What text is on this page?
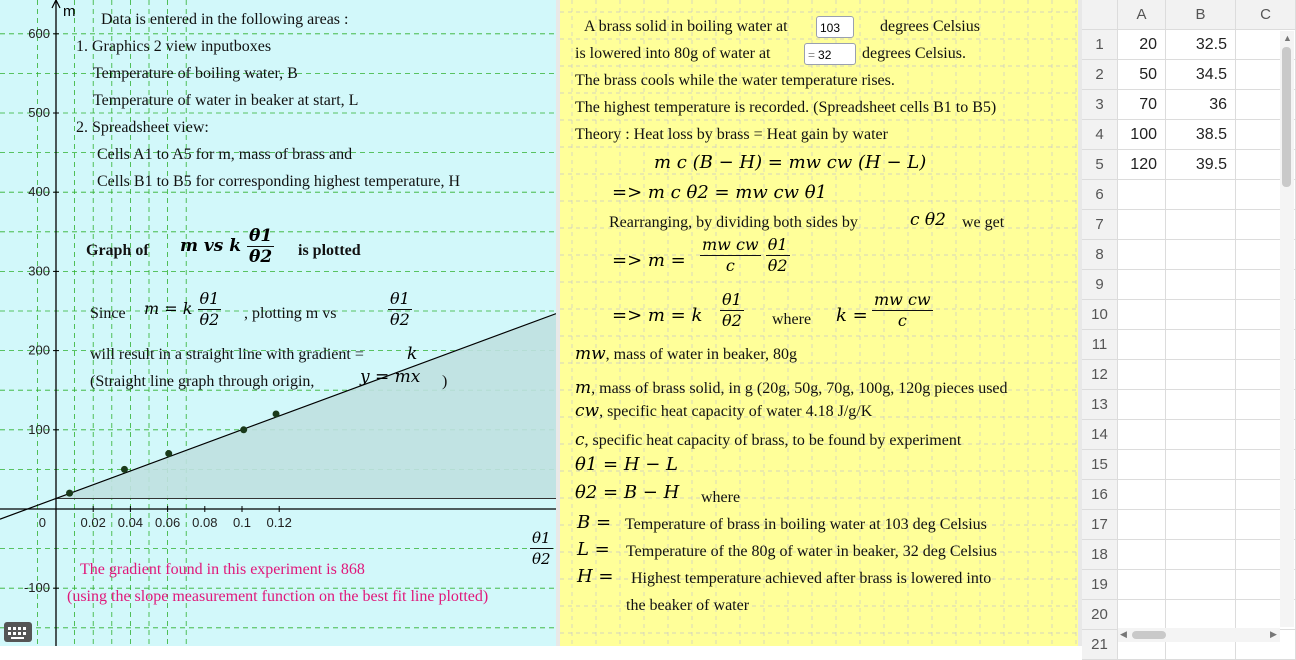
0.02 0.04 0.06 0.08 0.1 0.12
600
500
400
300
200
100
-100
0
m Data is entered in the following areas :
1. Graphics 2 view inputboxes
Temperature of boiling water, B
Temperature of water in beaker at start, L
2. Spreadsheet view:
Cells A1 to A5 for m, mass of brass and
Cells B1 to B5 for corresponding highest temperature, H
Graph of m vs k $\frac{\theta 1}{\theta 2}$ is plotted
Since m = k $\frac{\theta 1}{\theta 2}$ , plotting m vs	$\frac{\theta 1}{\theta 2}$
will result in a straight line with gradient =	k
(Straight line graph through origin,	y = mx )
$\frac{\theta 1}{\theta 2}$
The gradient found in this experiment is 868
(using the slope measurement function on the best fit line plotted)
A brass solid in boiling water at	103	degrees Celsius
is lowered into 80g of water at	= 32	degrees Celsius.
The brass cools while the water temperature rises.
The highest temperature is recorded. (Spreadsheet cells B1 to B5)
Theory : Heat loss by brass = Heat gain by water
m c (B − H) = mw cw (H − L)
=> m c θ2 = mw cw θ1
Rearranging, by dividing both sides by	c θ2 we get
=> $m = \frac{\text{mw cw}}{c}$
$\frac{\theta 1}{\theta 2}$
=> m = k $\frac{\theta 1}{\theta 2}$ where $k = \frac{\text{mw cw}}{c}$
mw, mass of water in beaker, 80g
m, mass of brass solid, in g (20g, 50g, 70g, 100g, 120g pieces used
cw, specific heat capacity of water 4.18 J/g/K
c, specific heat capacity of brass, to be found by experiment
θ1 = H − L
θ2 = B − H where
B = Temperature of brass in boiling water at 103 deg Celsius
L = Temperature of the 80g of water in beaker, 32 deg Celsius
H = Highest temperature achieved after brass is lowered into
the beaker of water
A	B	C
1	20	32.5
2	50	34.5
3	70	36
4	100	38.5
5	120	39.5
6
7
8
9
10
11
12
13
14
15
16
17
18
19
20
21
▲
◀	▶
